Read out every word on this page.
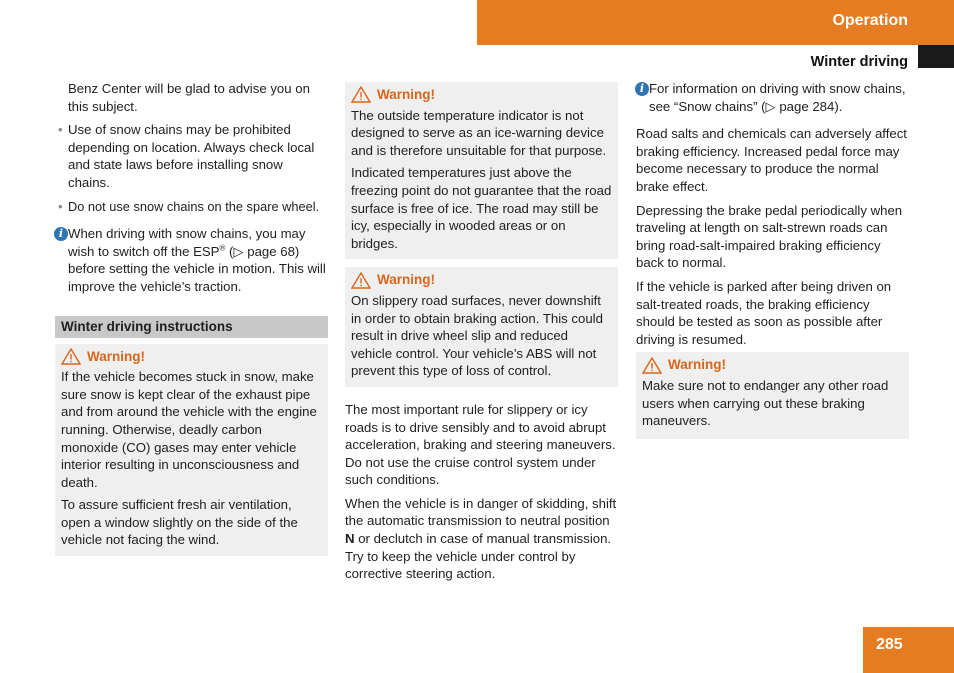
Operation
Winter driving

Benz Center will be glad to advise you on this subject.

• Use of snow chains may be prohibited depending on location. Always check local and state laws before installing snow chains.
• Do not use snow chains on the spare wheel.
i When driving with snow chains, you may wish to switch off the ESP® (▷ page 68) before setting the vehicle in motion. This will improve the vehicle’s traction.
Winter driving instructions
Warning!

If the vehicle becomes stuck in snow, make sure snow is kept clear of the exhaust pipe and from around the vehicle with the engine running. Otherwise, deadly carbon monoxide (CO) gases may enter vehicle interior resulting in unconsciousness and death.

To assure sufficient fresh air ventilation, open a window slightly on the side of the vehicle not facing the wind.

Warning!

The outside temperature indicator is not designed to serve as an ice-warning device and is therefore unsuitable for that purpose.

Indicated temperatures just above the freezing point do not guarantee that the road surface is free of ice. The road may still be icy, especially in wooded areas or on bridges.

Warning!

On slippery road surfaces, never downshift in order to obtain braking action. This could result in drive wheel slip and reduced vehicle control. Your vehicle’s ABS will not prevent this type of loss of control.

The most important rule for slippery or icy roads is to drive sensibly and to avoid abrupt acceleration, braking and steering maneuvers. Do not use the cruise control system under such conditions.

When the vehicle is in danger of skidding, shift the automatic transmission to neutral position N or declutch in case of manual transmission. Try to keep the vehicle under control by corrective steering action.

i For information on driving with snow chains, see “Snow chains” (▷ page 284).

Road salts and chemicals can adversely affect braking efficiency. Increased pedal force may become necessary to produce the normal brake effect.

Depressing the brake pedal periodically when traveling at length on salt-strewn roads can bring road-salt-impaired braking efficiency back to normal.

If the vehicle is parked after being driven on salt-treated roads, the braking efficiency should be tested as soon as possible after driving is resumed.

Warning!

Make sure not to endanger any other road users when carrying out these braking maneuvers.

285
